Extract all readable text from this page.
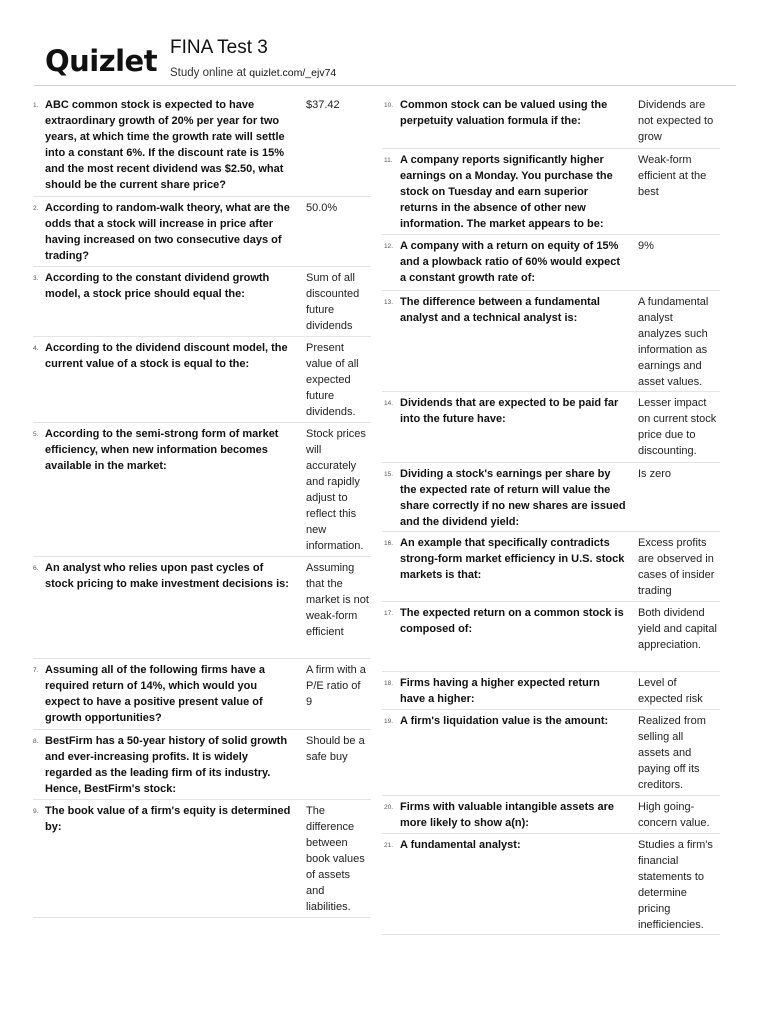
Quizlet FINA Test 3
Study online at quizlet.com/_ejv74
1. ABC common stock is expected to have extraordinary growth of 20% per year for two years, at which time the growth rate will settle into a constant 6%. If the discount rate is 15% and the most recent dividend was $2.50, what should be the current share price?
$37.42
2. According to random-walk theory, what are the odds that a stock will increase in price after having increased on two consecutive days of trading?
50.0%
3. According to the constant dividend growth model, a stock price should equal the:
Sum of all discounted future dividends
4. According to the dividend discount model, the current value of a stock is equal to the:
Present value of all expected future dividends.
5. According to the semi-strong form of market efficiency, when new information becomes available in the market:
Stock prices will accurately and rapidly adjust to reflect this new information.
6. An analyst who relies upon past cycles of stock pricing to make investment decisions is:
Assuming that the market is not weak-form efficient
7. Assuming all of the following firms have a required return of 14%, which would you expect to have a positive present value of growth opportunities?
A firm with a P/E ratio of 9
8. BestFirm has a 50-year history of solid growth and ever-increasing profits. It is widely regarded as the leading firm of its industry. Hence, BestFirm's stock:
Should be a safe buy
9. The book value of a firm's equity is determined by:
The difference between book values of assets and liabilities.
10. Common stock can be valued using the perpetuity valuation formula if the:
Dividends are not expected to grow
11. A company reports significantly higher earnings on a Monday. You purchase the stock on Tuesday and earn superior returns in the absence of other new information. The market appears to be:
Weak-form efficient at the best
12. A company with a return on equity of 15% and a plowback ratio of 60% would expect a constant growth rate of:
9%
13. The difference between a fundamental analyst and a technical analyst is:
A fundamental analyst analyzes such information as earnings and asset values.
14. Dividends that are expected to be paid far into the future have:
Lesser impact on current stock price due to discounting.
15. Dividing a stock's earnings per share by the expected rate of return will value the share correctly if no new shares are issued and the dividend yield:
Is zero
16. An example that specifically contradicts strong-form market efficiency in U.S. stock markets is that:
Excess profits are observed in cases of insider trading
17. The expected return on a common stock is composed of:
Both dividend yield and capital appreciation.
18. Firms having a higher expected return have a higher:
Level of expected risk
19. A firm's liquidation value is the amount:	Realized from selling all assets and paying off its creditors.
20. Firms with valuable intangible assets are more likely to show a(n):
High going-concern value.
21. A fundamental analyst:	Studies a firm's financial statements to determine pricing inefficiencies.
